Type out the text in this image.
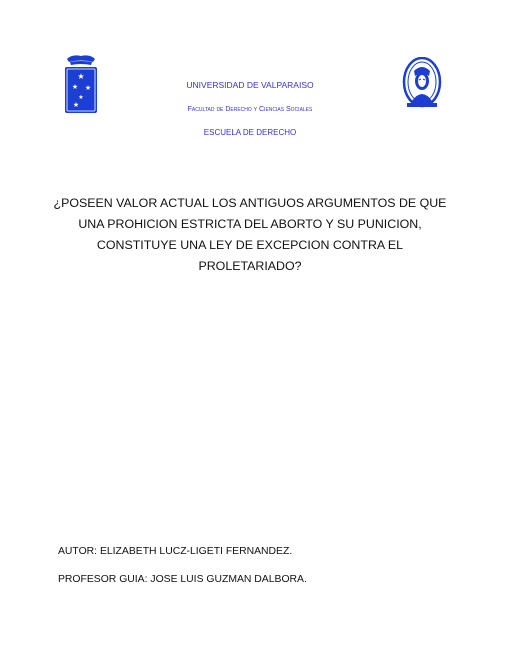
★
★ ★
★
★
UNIVERSIDAD DE VALPARAISO
Facultad de Derecho y Ciencias Sociales
ESCUELA DE DERECHO
¿POSEEN VALOR ACTUAL LOS ANTIGUOS ARGUMENTOS DE QUE
UNA PROHICION ESTRICTA DEL ABORTO Y SU PUNICION,
CONSTITUYE UNA LEY DE EXCEPCION CONTRA EL
PROLETARIADO?
AUTOR: ELIZABETH LUCZ-LIGETI FERNANDEZ.
PROFESOR GUIA: JOSE LUIS GUZMAN DALBORA.
